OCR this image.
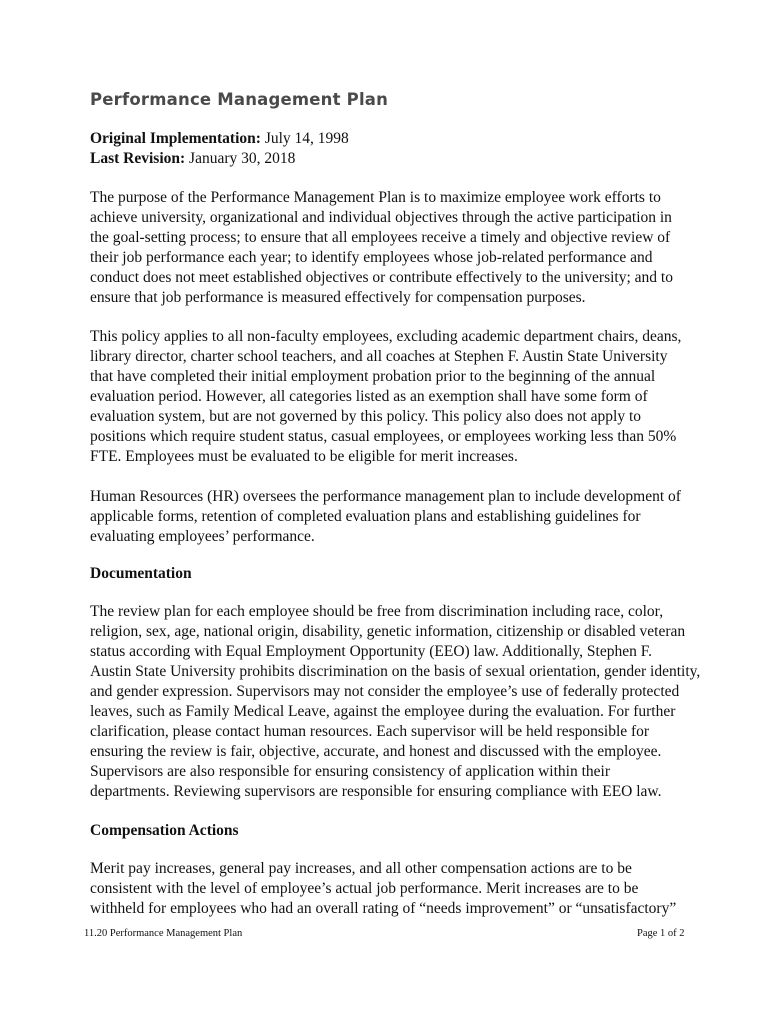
Performance Management Plan
Original Implementation: July 14, 1998
Last Revision: January 30, 2018
The purpose of the Performance Management Plan is to maximize employee work efforts to
achieve university, organizational and individual objectives through the active participation in
the goal-setting process; to ensure that all employees receive a timely and objective review of
their job performance each year; to identify employees whose job-related performance and
conduct does not meet established objectives or contribute effectively to the university; and to
ensure that job performance is measured effectively for compensation purposes.
This policy applies to all non-faculty employees, excluding academic department chairs, deans,
library director, charter school teachers, and all coaches at Stephen F. Austin State University
that have completed their initial employment probation prior to the beginning of the annual
evaluation period. However, all categories listed as an exemption shall have some form of
evaluation system, but are not governed by this policy. This policy also does not apply to
positions which require student status, casual employees, or employees working less than 50%
FTE. Employees must be evaluated to be eligible for merit increases.
Human Resources (HR) oversees the performance management plan to include development of
applicable forms, retention of completed evaluation plans and establishing guidelines for
evaluating employees’ performance.
Documentation
The review plan for each employee should be free from discrimination including race, color,
religion, sex, age, national origin, disability, genetic information, citizenship or disabled veteran
status according with Equal Employment Opportunity (EEO) law. Additionally, Stephen F.
Austin State University prohibits discrimination on the basis of sexual orientation, gender identity,
and gender expression. Supervisors may not consider the employee’s use of federally protected
leaves, such as Family Medical Leave, against the employee during the evaluation. For further
clarification, please contact human resources. Each supervisor will be held responsible for
ensuring the review is fair, objective, accurate, and honest and discussed with the employee.
Supervisors are also responsible for ensuring consistency of application within their
departments. Reviewing supervisors are responsible for ensuring compliance with EEO law.
Compensation Actions
Merit pay increases, general pay increases, and all other compensation actions are to be
consistent with the level of employee’s actual job performance. Merit increases are to be
withheld for employees who had an overall rating of “needs improvement” or “unsatisfactory”
11.20 Performance Management Plan	Page 1 of 2
